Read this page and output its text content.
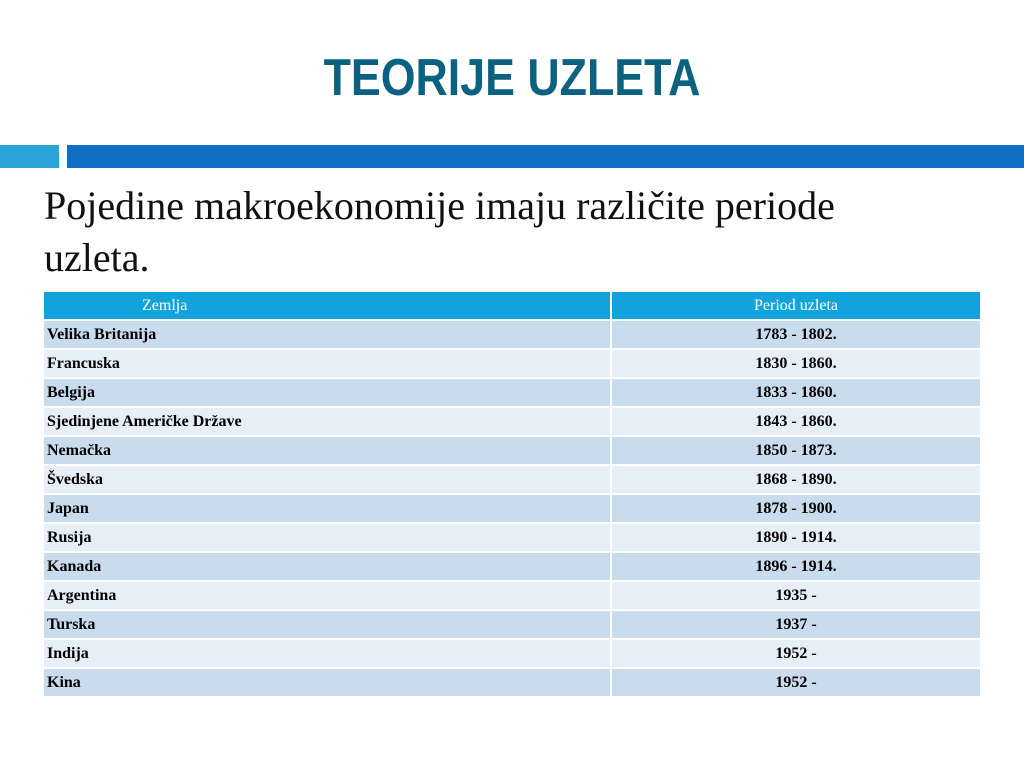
TEORIJE UZLETA
Pojedine makroekonomije imaju različite periode
uzleta.
Zemlja	Period uzleta
Velika Britanija	1783 - 1802.
Francuska	1830 - 1860.
Belgija	1833 - 1860.
Sjedinjene Američke Države	1843 - 1860.
Nemačka	1850 - 1873.
Švedska	1868 - 1890.
Japan	1878 - 1900.
Rusija	1890 - 1914.
Kanada	1896 - 1914.
Argentina	1935 -
Turska	1937 -
Indija	1952 -
Kina	1952 -
